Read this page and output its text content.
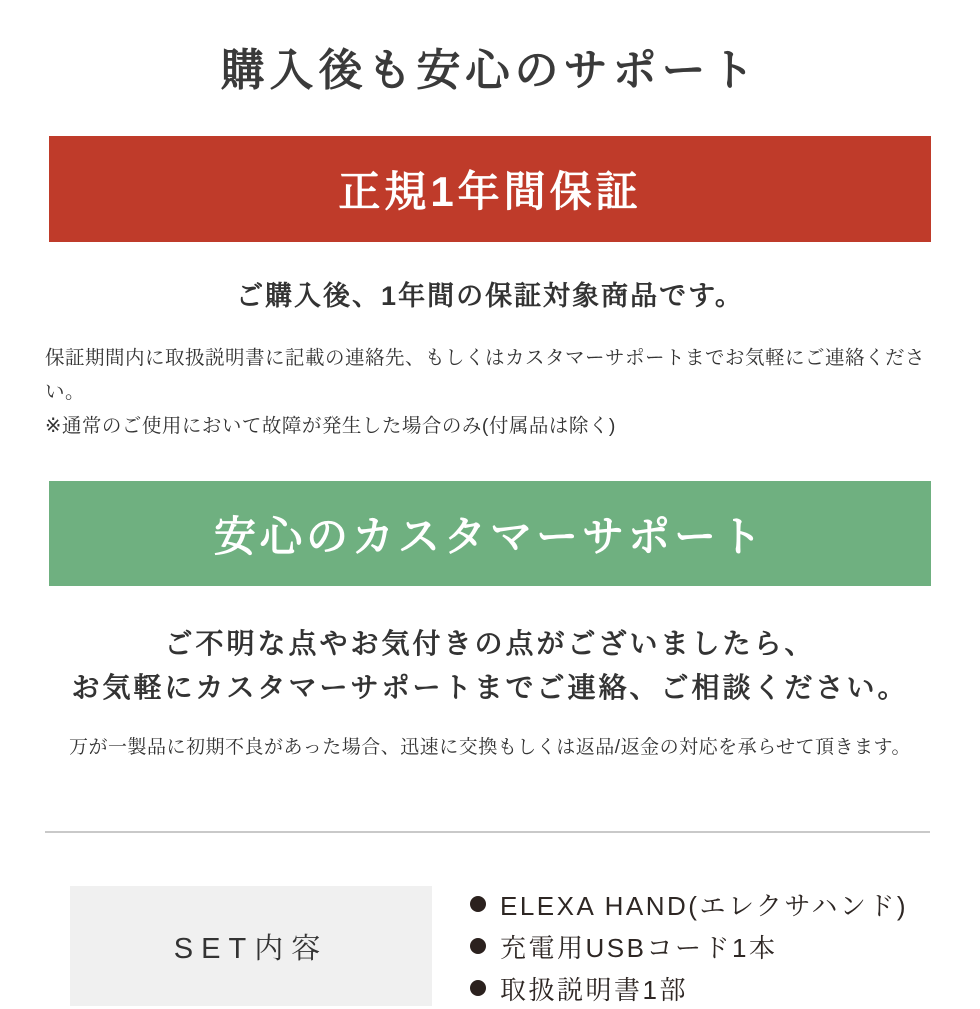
購入後も安心のサポート
正規1年間保証

ご購入後、1年間の保証対象商品です。

保証期間内に取扱説明書に記載の連絡先、もしくはカスタマーサポートまでお気軽にご連絡ください。

※通常のご使用において故障が発生した場合のみ(付属品は除く)

安心のカスタマーサポート
ご不明な点やお気付きの点がございましたら、
お気軽にカスタマーサポートまでご連絡、ご相談ください。

万が一製品に初期不良があった場合、迅速に交換もしくは返品/返金の対応を承らせて頂きます。

SET内容
ELEXA HAND(エレクサハンド)
充電用USBコード1本
取扱説明書1部
